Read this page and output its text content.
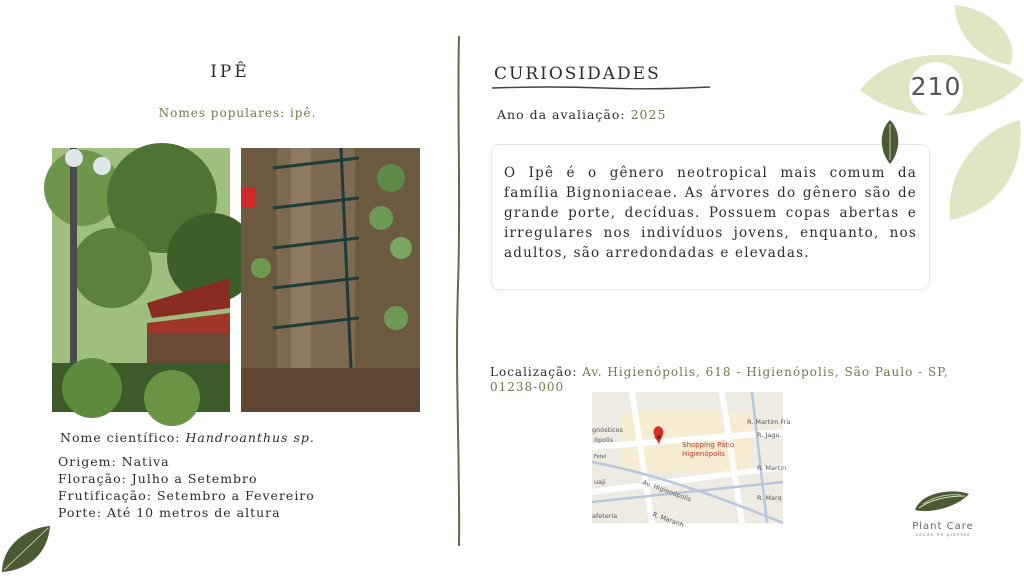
IPÊ
Nomes populares: ipê.
Nome científico: Handroanthus sp.
Origem: Nativa
Floração: Julho a Setembro
Frutificação: Setembro a Fevereiro
Porte: Até 10 metros de altura
CURIOSIDADES
Ano da avaliação: 2025

O Ipê é o gênero neotropical mais comum da família Bignoniaceae. As árvores do gênero são de grande porte, decíduas. Possuem copas abertas e irregulares nos indivíduos jovens, enquanto, nos adultos, são arredondadas e elevadas.

Localização: Av. Higienópolis, 618 - Higienópolis, São Paulo - SP, 01238-000
Shopping Pátio
Higienópolis
R. Martim Fra
R. Jagu
R. Martin
R. Marq
Av. Higienópolis
R. Maranh
gnósticos
ópolis
Fetel
uaji
afeteria
210
Plant Care
saúde de plantas
